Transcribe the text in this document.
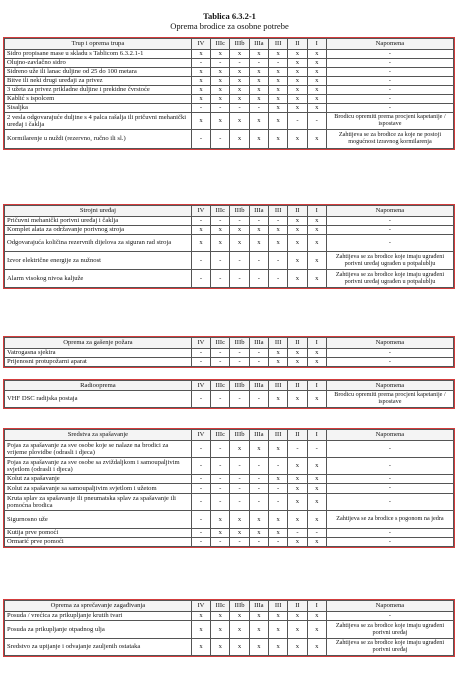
Tablica 6.3.2-1
Oprema brodice za osobne potrebe
Trup i oprema trupa	IV	IIIc	IIIb	IIIa	III	II	I	Napomena
Sidro propisane mase u skladu s Tablicom 6.3.2.1-1	x	x	x	x	x	x	x	-
Olujno-zavlačno sidro	-	-	-	-	-	x	x	-
Sidreno uže ili lanac duljine od 25 do 100 metara	x	x	x	x	x	x	x	-
Bitve ili neki drugi uređaji za privez	x	x	x	x	x	x	x	-
3 užeta za privez prikladne duljine i prekidne čvrstoće	x	x	x	x	x	x	x	-
Kablić s ispolcem	x	x	x	x	x	x	x	-
Sisaljka	-	-	-	-	x	x	x	-
2 vesla odgovarajuće duljine s 4 palca rašalja ili pričuvni mehanički uređaj i čaklja	x	x	x	x	x	-	-	Brodicu opremiti prema procjeni kapetanije / ispostave
Kormilarenje u nuždi (rezervno, ručno ili sl.)	-	-	x	x	x	x	x	Zahtijeva se za brodice za koje ne postoji mogućnost izravnog kormilarenja
Strojni uređaj	IV	IIIc	IIIb	IIIa	III	II	I	Napomena
Pričuvni mehanički porivni uređaj i čaklja	-	-	-	-	-	x	x	-
Komplet alata za održavanje porivnog stroja	x	x	x	x	x	x	x	-
Odgovarajuća količina rezervnih dijelova za siguran rad stroja	x	x	x	x	x	x	x	-
Izvor električne energije za nužnost	-	-	-	-	-	x	x	Zahtijeva se za brodice koje imaju ugrađeni porivni uređaj ugrađen u potpalublju
Alarm visokog nivoa kaljuže	-	-	-	-	-	x	x	Zahtijeva se za brodice koje imaju ugrađeni porivni uređaj ugrađen u potpalublju
Oprema za gašenje požara	IV	IIIc	IIIb	IIIa	III	II	I	Napomena
Vatrogasna sjekira	-	-	-	-	x	x	x	-
Prijenosni protupožarni aparat	-	-	-	-	x	x	x	-
Radiooprema	IV	IIIc	IIIb	IIIa	III	II	I	Napomena
VHF DSC radijska postaja	-	-	-	-	x	x	x	Brodicu opremiti prema procjeni kapetanije / ispostave
Sredstva za spašavanje	IV	IIIc	IIIb	IIIa	III	II	I	Napomena
Pojas za spašavanje za sve osobe koje se nalaze na brodici za vrijeme plovidbe (odrasli i djeca)	-	-	x	x	x	-	-	-
Pojas za spašavanje za sve osobe sa zviždaljkom i samoupaljivim svjetlom (odrasli i djeca)	-	-	-	-	-	x	x	-
Kolut za spašavanje	-	-	-	-	x	x	x	-
Kolut za spašavanje sa samoupaljivim svjetlom i užetom	-	-	-	-	-	x	x	-
Kruta splav za spašavanje ili pneumatska splav za spašavanje ili pomoćna brodica	-	-	-	-	-	x	x	-
Sigurnosno uže	-	x	x	x	x	x	x	Zahtijeva se za brodice s pogonom na jedra
Kutija prve pomoći	-	x	x	x	x	-	-	-
Ormarić prve pomoći	-	-	-	-	-	x	x	-
Oprema za sprečavanje zagađivanja	IV	IIIc	IIIb	IIIa	III	II	I	Napomena
Posuda / vrećica za prikupljanje krutih tvari	x	x	x	x	x	x	x	-
Posuda za prikupljanje otpadnog ulja	x	x	x	x	x	x	x	Zahtijeva se za brodice koje imaju ugrađeni porivni uređaj
Sredstvo za upijanje i odvajanje zauljenih ostataka	x	x	x	x	x	x	x	Zahtijeva se za brodice koje imaju ugrađeni porivni uređaj
